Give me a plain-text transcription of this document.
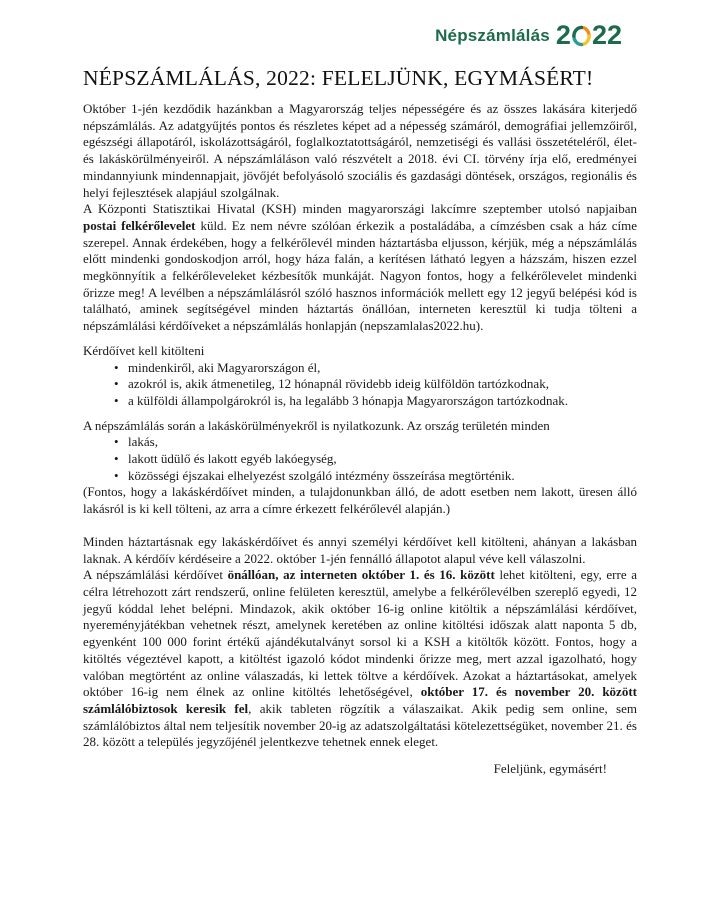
Népszámlálás 2 22
NÉPSZÁMLÁLÁS, 2022: FELELJÜNK, EGYMÁSÉRT!

Október 1-jén kezdődik hazánkban a Magyarország teljes népességére és az összes lakására kiterjedő népszámlálás. Az adatgyűjtés pontos és részletes képet ad a népesség számáról, demográfiai jellemzőiről, egészségi állapotáról, iskolázottságáról, foglalkoztatottságáról, nemzetiségi és vallási összetételéről, élet- és lakáskörülményeiről. A népszámláláson való részvételt a 2018. évi CI. törvény írja elő, eredményei mindannyiunk mindennapjait, jövőjét befolyásoló szociális és gazdasági döntések, országos, regionális és helyi fejlesztések alapjául szolgálnak.

A Központi Statisztikai Hivatal (KSH) minden magyarországi lakcímre szeptember utolsó napjaiban postai felkérőlevelet küld. Ez nem névre szólóan érkezik a postaládába, a címzésben csak a ház címe szerepel. Annak érdekében, hogy a felkérőlevél minden háztartásba eljusson, kérjük, még a népszámlálás előtt mindenki gondoskodjon arról, hogy háza falán, a kerítésen látható legyen a házszám, hiszen ezzel megkönnyítik a felkérőleveleket kézbesítők munkáját. Nagyon fontos, hogy a felkérőlevelet mindenki őrizze meg! A levélben a népszámlálásról szóló hasznos információk mellett egy 12 jegyű belépési kód is található, aminek segítségével minden háztartás önállóan, interneten keresztül ki tudja tölteni a népszámlálási kérdőíveket a népszámlálás honlapján (nepszamlalas2022.hu).

Kérdőívet kell kitölteni

• mindenkiről, aki Magyarországon él,
• azokról is, akik átmenetileg, 12 hónapnál rövidebb ideig külföldön tartózkodnak,
• a külföldi állampolgárokról is, ha legalább 3 hónapja Magyarországon tartózkodnak.

A népszámlálás során a lakáskörülményekről is nyilatkozunk. Az ország területén minden

• lakás,
• lakott üdülő és lakott egyéb lakóegység,
• közösségi éjszakai elhelyezést szolgáló intézmény összeírása megtörténik.

(Fontos, hogy a lakáskérdőívet minden, a tulajdonunkban álló, de adott esetben nem lakott, üresen álló lakásról is ki kell tölteni, az arra a címre érkezett felkérőlevél alapján.)

Minden háztartásnak egy lakáskérdőívet és annyi személyi kérdőívet kell kitölteni, ahányan a lakásban laknak. A kérdőív kérdéseire a 2022. október 1-jén fennálló állapotot alapul véve kell válaszolni.

A népszámlálási kérdőívet önállóan, az interneten október 1. és 16. között lehet kitölteni, egy, erre a célra létrehozott zárt rendszerű, online felületen keresztül, amelybe a felkérőlevélben szereplő egyedi, 12 jegyű kóddal lehet belépni. Mindazok, akik október 16-ig online kitöltik a népszámlálási kérdőívet, nyereményjátékban vehetnek részt, amelynek keretében az online kitöltési időszak alatt naponta 5 db, egyenként 100 000 forint értékű ajándékutalványt sorsol ki a KSH a kitöltők között. Fontos, hogy a kitöltés végeztével kapott, a kitöltést igazoló kódot mindenki őrizze meg, mert azzal igazolható, hogy valóban megtörtént az online válaszadás, ki lettek töltve a kérdőívek. Azokat a háztartásokat, amelyek október 16-ig nem élnek az online kitöltés lehetőségével, október 17. és november 20. között számlálóbiztosok keresik fel, akik tableten rögzítik a válaszaikat. Akik pedig sem online, sem számlálóbiztos által nem teljesítik november 20-ig az adatszolgáltatási kötelezettségüket, november 21. és 28. között a település jegyzőjénél jelentkezve tehetnek ennek eleget.

Feleljünk, egymásért!
